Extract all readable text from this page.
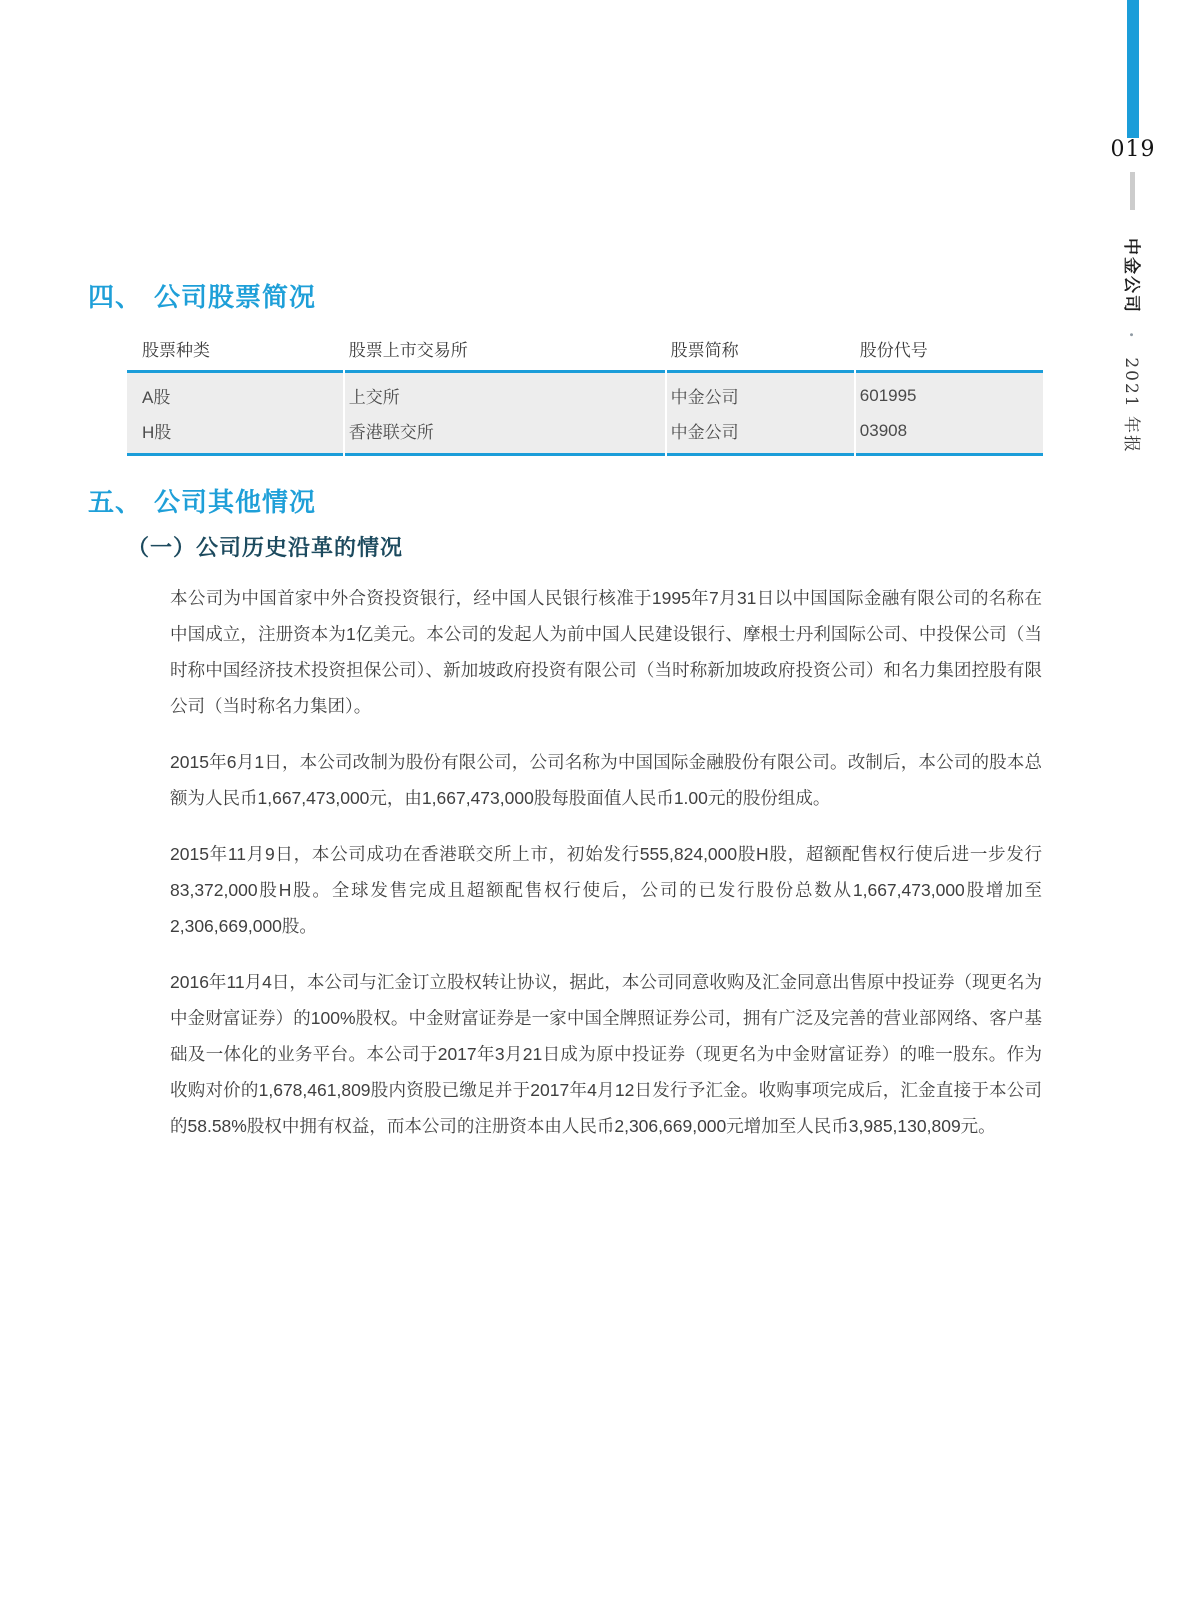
019
中金公司 • 2021 年报
四、 公司股票简况
股票种类	股票上市交易所	股票简称	股份代号
A股	上交所	中金公司	601995
H股	香港联交所	中金公司	03908
五、 公司其他情况
（一）公司历史沿革的情况

本公司为中国首家中外合资投资银行，经中国人民银行核准于1995年7月31日以中国国际金融有限公司的名称在中国成立，注册资本为1亿美元。本公司的发起人为前中国人民建设银行、摩根士丹利国际公司、中投保公司（当时称中国经济技术投资担保公司）、新加坡政府投资有限公司（当时称新加坡政府投资公司）和名力集团控股有限公司（当时称名力集团）。

2015年6月1日，本公司改制为股份有限公司，公司名称为中国国际金融股份有限公司。改制后，本公司的股本总额为人民币1,667,473,000元，由1,667,473,000股每股面值人民币1.00元的股份组成。

2015年11月9日，本公司成功在香港联交所上市，初始发行555,824,000股H股，超额配售权行使后进一步发行83,372,000股H股。全球发售完成且超额配售权行使后，公司的已发行股份总数从1,667,473,000股增加至2,306,669,000股。

2016年11月4日，本公司与汇金订立股权转让协议，据此，本公司同意收购及汇金同意出售原中投证券（现更名为中金财富证券）的100%股权。中金财富证券是一家中国全牌照证券公司，拥有广泛及完善的营业部网络、客户基础及一体化的业务平台。本公司于2017年3月21日成为原中投证券（现更名为中金财富证券）的唯一股东。作为收购对价的1,678,461,809股内资股已缴足并于2017年4月12日发行予汇金。收购事项完成后，汇金直接于本公司的58.58%股权中拥有权益，而本公司的注册资本由人民币2,306,669,000元增加至人民币3,985,130,809元。
